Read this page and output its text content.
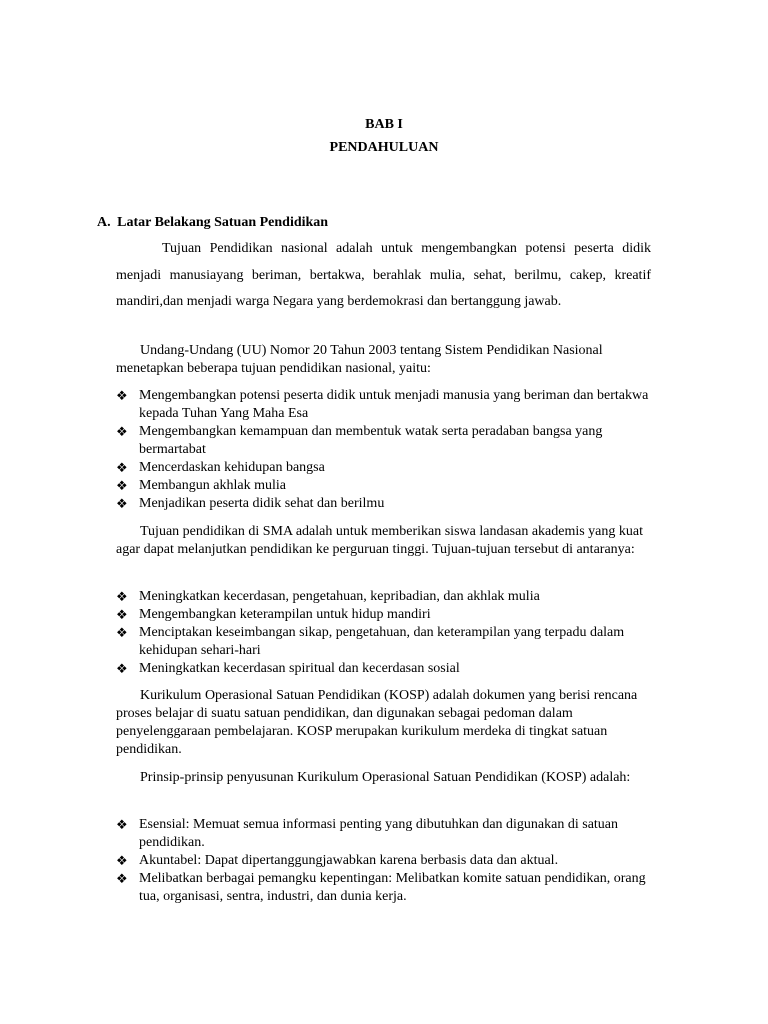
BAB I
PENDAHULUAN
A. Latar Belakang Satuan Pendidikan
Tujuan Pendidikan nasional adalah untuk mengembangkan potensi peserta didik menjadi manusiayang beriman, bertakwa, berahlak mulia, sehat, berilmu, cakep, kreatif mandiri,dan menjadi warga Negara yang berdemokrasi dan bertanggung jawab.
Undang-Undang (UU) Nomor 20 Tahun 2003 tentang Sistem Pendidikan Nasional menetapkan beberapa tujuan pendidikan nasional, yaitu:
❖ Mengembangkan potensi peserta didik untuk menjadi manusia yang beriman dan bertakwa kepada Tuhan Yang Maha Esa
❖ Mengembangkan kemampuan dan membentuk watak serta peradaban bangsa yang bermartabat
❖ Mencerdaskan kehidupan bangsa
❖ Membangun akhlak mulia
❖ Menjadikan peserta didik sehat dan berilmu
Tujuan pendidikan di SMA adalah untuk memberikan siswa landasan akademis yang kuat agar dapat melanjutkan pendidikan ke perguruan tinggi. Tujuan-tujuan tersebut di antaranya:
❖ Meningkatkan kecerdasan, pengetahuan, kepribadian, dan akhlak mulia
❖ Mengembangkan keterampilan untuk hidup mandiri
❖ Menciptakan keseimbangan sikap, pengetahuan, dan keterampilan yang terpadu dalam kehidupan sehari-hari
❖ Meningkatkan kecerdasan spiritual dan kecerdasan sosial
Kurikulum Operasional Satuan Pendidikan (KOSP) adalah dokumen yang berisi rencana proses belajar di suatu satuan pendidikan, dan digunakan sebagai pedoman dalam penyelenggaraan pembelajaran. KOSP merupakan kurikulum merdeka di tingkat satuan pendidikan.
Prinsip-prinsip penyusunan Kurikulum Operasional Satuan Pendidikan (KOSP) adalah:
❖ Esensial: Memuat semua informasi penting yang dibutuhkan dan digunakan di satuan pendidikan.
❖ Akuntabel: Dapat dipertanggungjawabkan karena berbasis data dan aktual.
❖ Melibatkan berbagai pemangku kepentingan: Melibatkan komite satuan pendidikan, orang tua, organisasi, sentra, industri, dan dunia kerja.
